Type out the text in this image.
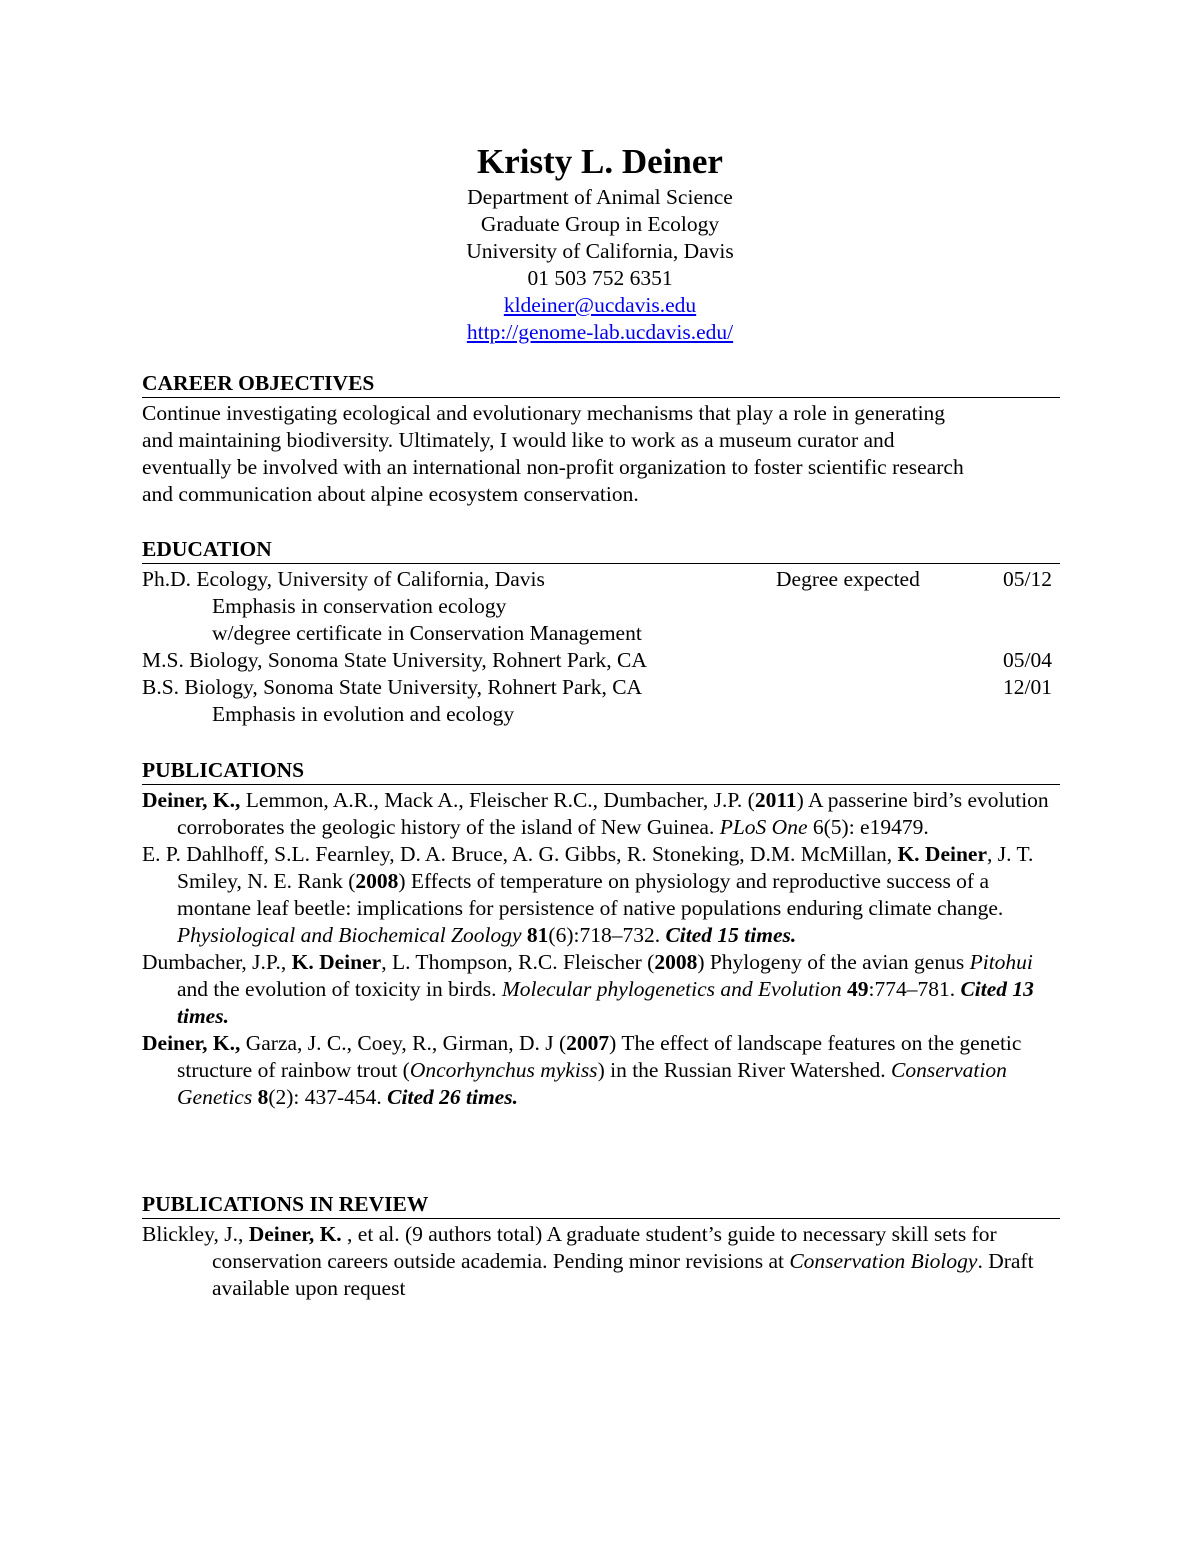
Kristy L. Deiner
Department of Animal Science
Graduate Group in Ecology
University of California, Davis
01 503 752 6351
kldeiner@ucdavis.edu
http://genome-lab.ucdavis.edu/
CAREER OBJECTIVES
Continue investigating ecological and evolutionary mechanisms that play a role in generating
and maintaining biodiversity. Ultimately, I would like to work as a museum curator and
eventually be involved with an international non-profit organization to foster scientific research
and communication about alpine ecosystem conservation.
EDUCATION
Ph.D. Ecology, University of California, Davis	Degree expected	05/12
Emphasis in conservation ecology
w/degree certificate in Conservation Management
M.S. Biology, Sonoma State University, Rohnert Park, CA	05/04
B.S. Biology, Sonoma State University, Rohnert Park, CA	12/01
Emphasis in evolution and ecology
PUBLICATIONS
Deiner, K., Lemmon, A.R., Mack A., Fleischer R.C., Dumbacher, J.P. (2011) A passerine bird’s evolution corroborates the geologic history of the island of New Guinea. PLoS One 6(5): e19479.
E. P. Dahlhoff, S.L. Fearnley, D. A. Bruce, A. G. Gibbs, R. Stoneking, D.M. McMillan, K. Deiner, J. T. Smiley, N. E. Rank (2008) Effects of temperature on physiology and reproductive success of a montane leaf beetle: implications for persistence of native populations enduring climate change. Physiological and Biochemical Zoology 81(6):718–732. Cited 15 times.
Dumbacher, J.P., K. Deiner, L. Thompson, R.C. Fleischer (2008) Phylogeny of the avian genus Pitohui and the evolution of toxicity in birds. Molecular phylogenetics and Evolution 49:774–781. Cited 13 times.
Deiner, K., Garza, J. C., Coey, R., Girman, D. J (2007) The effect of landscape features on the genetic structure of rainbow trout (Oncorhynchus mykiss) in the Russian River Watershed. Conservation Genetics 8(2): 437-454. Cited 26 times.
PUBLICATIONS IN REVIEW
Blickley, J., Deiner, K. , et al. (9 authors total) A graduate student’s guide to necessary skill sets for conservation careers outside academia. Pending minor revisions at Conservation Biology. Draft available upon request
